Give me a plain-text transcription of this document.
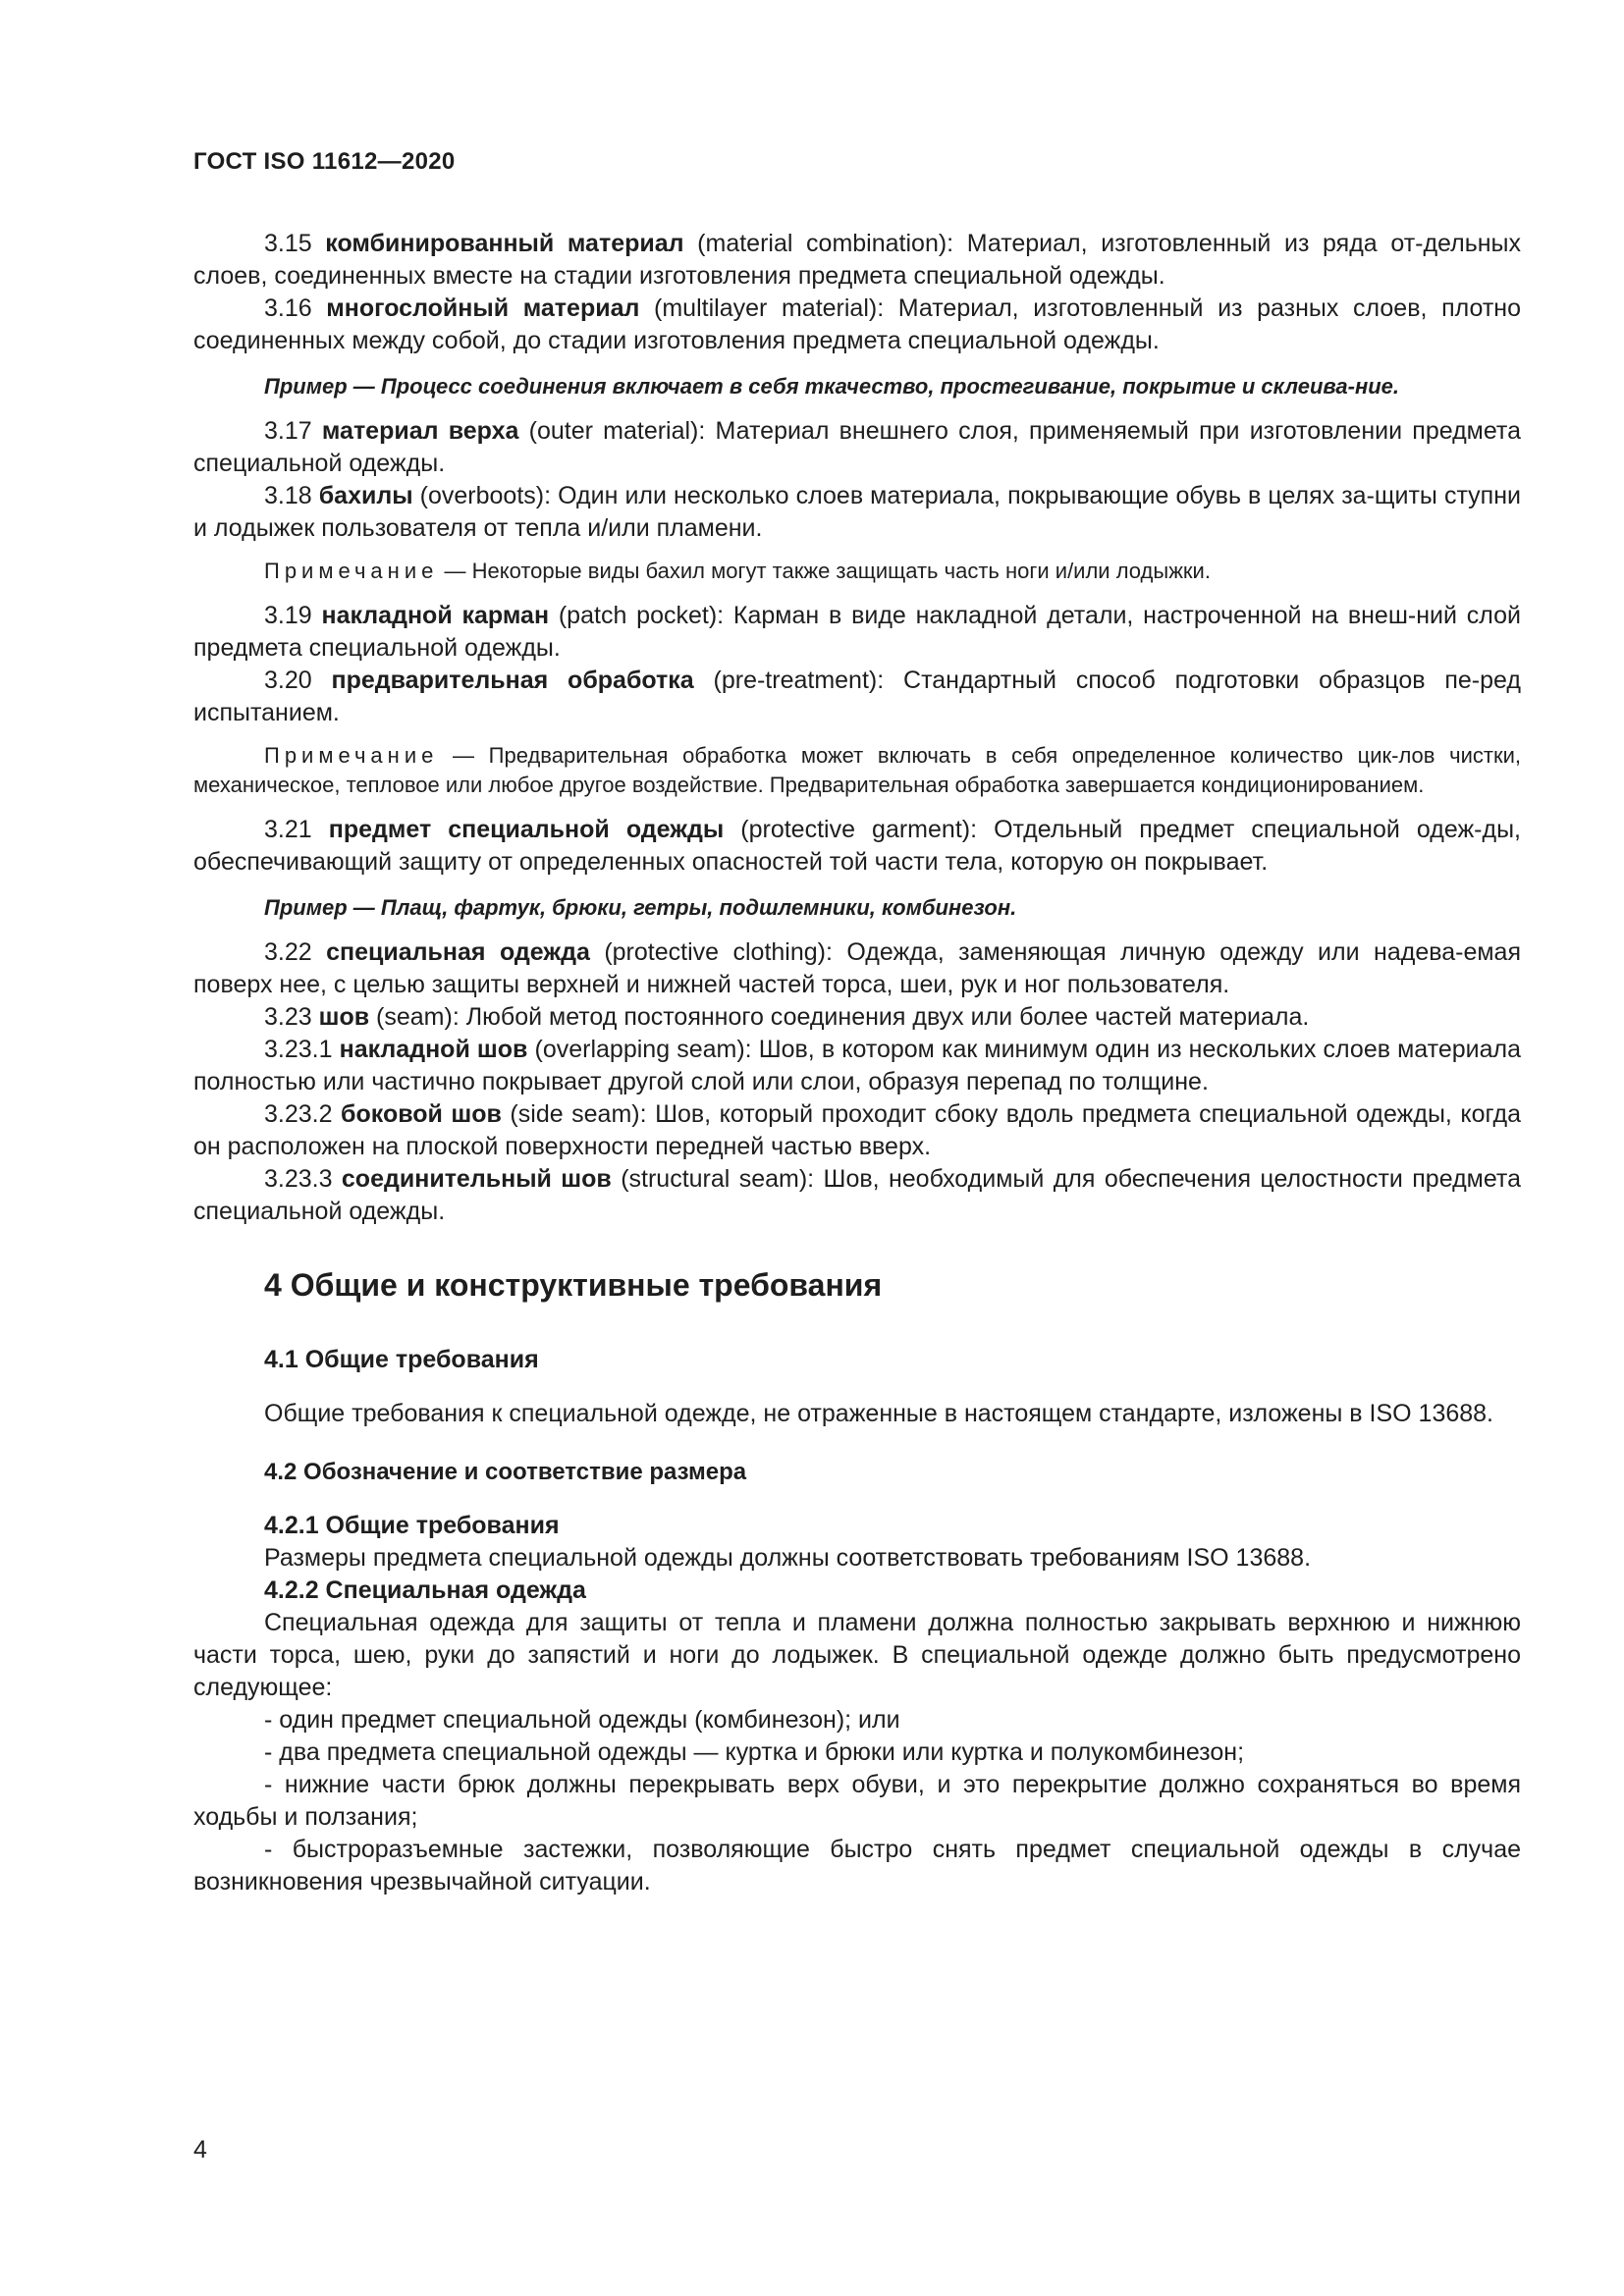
ГОСТ ISO 11612—2020

3.15 комбинированный материал (material combination): Материал, изготовленный из ряда от-дельных слоев, соединенных вместе на стадии изготовления предмета специальной одежды.

3.16 многослойный материал (multilayer material): Материал, изготовленный из разных слоев, плотно соединенных между собой, до стадии изготовления предмета специальной одежды.

Пример — Процесс соединения включает в себя ткачество, простегивание, покрытие и склеива-ние.

3.17 материал верха (outer material): Материал внешнего слоя, применяемый при изготовлении предмета специальной одежды.

3.18 бахилы (overboots): Один или несколько слоев материала, покрывающие обувь в целях за-щиты ступни и лодыжек пользователя от тепла и/или пламени.

Примечание — Некоторые виды бахил могут также защищать часть ноги и/или лодыжки.

3.19 накладной карман (patch pocket): Карман в виде накладной детали, настроченной на внеш-ний слой предмета специальной одежды.

3.20 предварительная обработка (pre-treatment): Стандартный способ подготовки образцов пе-ред испытанием.

Примечание — Предварительная обработка может включать в себя определенное количество цик-лов чистки, механическое, тепловое или любое другое воздействие. Предварительная обработка завершается кондиционированием.

3.21 предмет специальной одежды (protective garment): Отдельный предмет специальной одеж-ды, обеспечивающий защиту от определенных опасностей той части тела, которую он покрывает.

Пример — Плащ, фартук, брюки, гетры, подшлемники, комбинезон.

3.22 специальная одежда (protective clothing): Одежда, заменяющая личную одежду или надева-емая поверх нее, с целью защиты верхней и нижней частей торса, шеи, рук и ног пользователя.

3.23 шов (seam): Любой метод постоянного соединения двух или более частей материала.

3.23.1 накладной шов (overlapping seam): Шов, в котором как минимум один из нескольких слоев материала полностью или частично покрывает другой слой или слои, образуя перепад по толщине.

3.23.2 боковой шов (side seam): Шов, который проходит сбоку вдоль предмета специальной одежды, когда он расположен на плоской поверхности передней частью вверх.

3.23.3 соединительный шов (structural seam): Шов, необходимый для обеспечения целостности предмета специальной одежды.

4 Общие и конструктивные требования
4.1 Общие требования

Общие требования к специальной одежде, не отраженные в настоящем стандарте, изложены в ISO 13688.

4.2 Обозначение и соответствие размера
4.2.1 Общие требования

Размеры предмета специальной одежды должны соответствовать требованиям ISO 13688.

4.2.2 Специальная одежда

Специальная одежда для защиты от тепла и пламени должна полностью закрывать верхнюю и нижнюю части торса, шею, руки до запястий и ноги до лодыжек. В специальной одежде должно быть предусмотрено следующее:

- один предмет специальной одежды (комбинезон); или

- два предмета специальной одежды — куртка и брюки или куртка и полукомбинезон;

- нижние части брюк должны перекрывать верх обуви, и это перекрытие должно сохраняться во время ходьбы и ползания;

- быстроразъемные застежки, позволяющие быстро снять предмет специальной одежды в случае возникновения чрезвычайной ситуации.

4
